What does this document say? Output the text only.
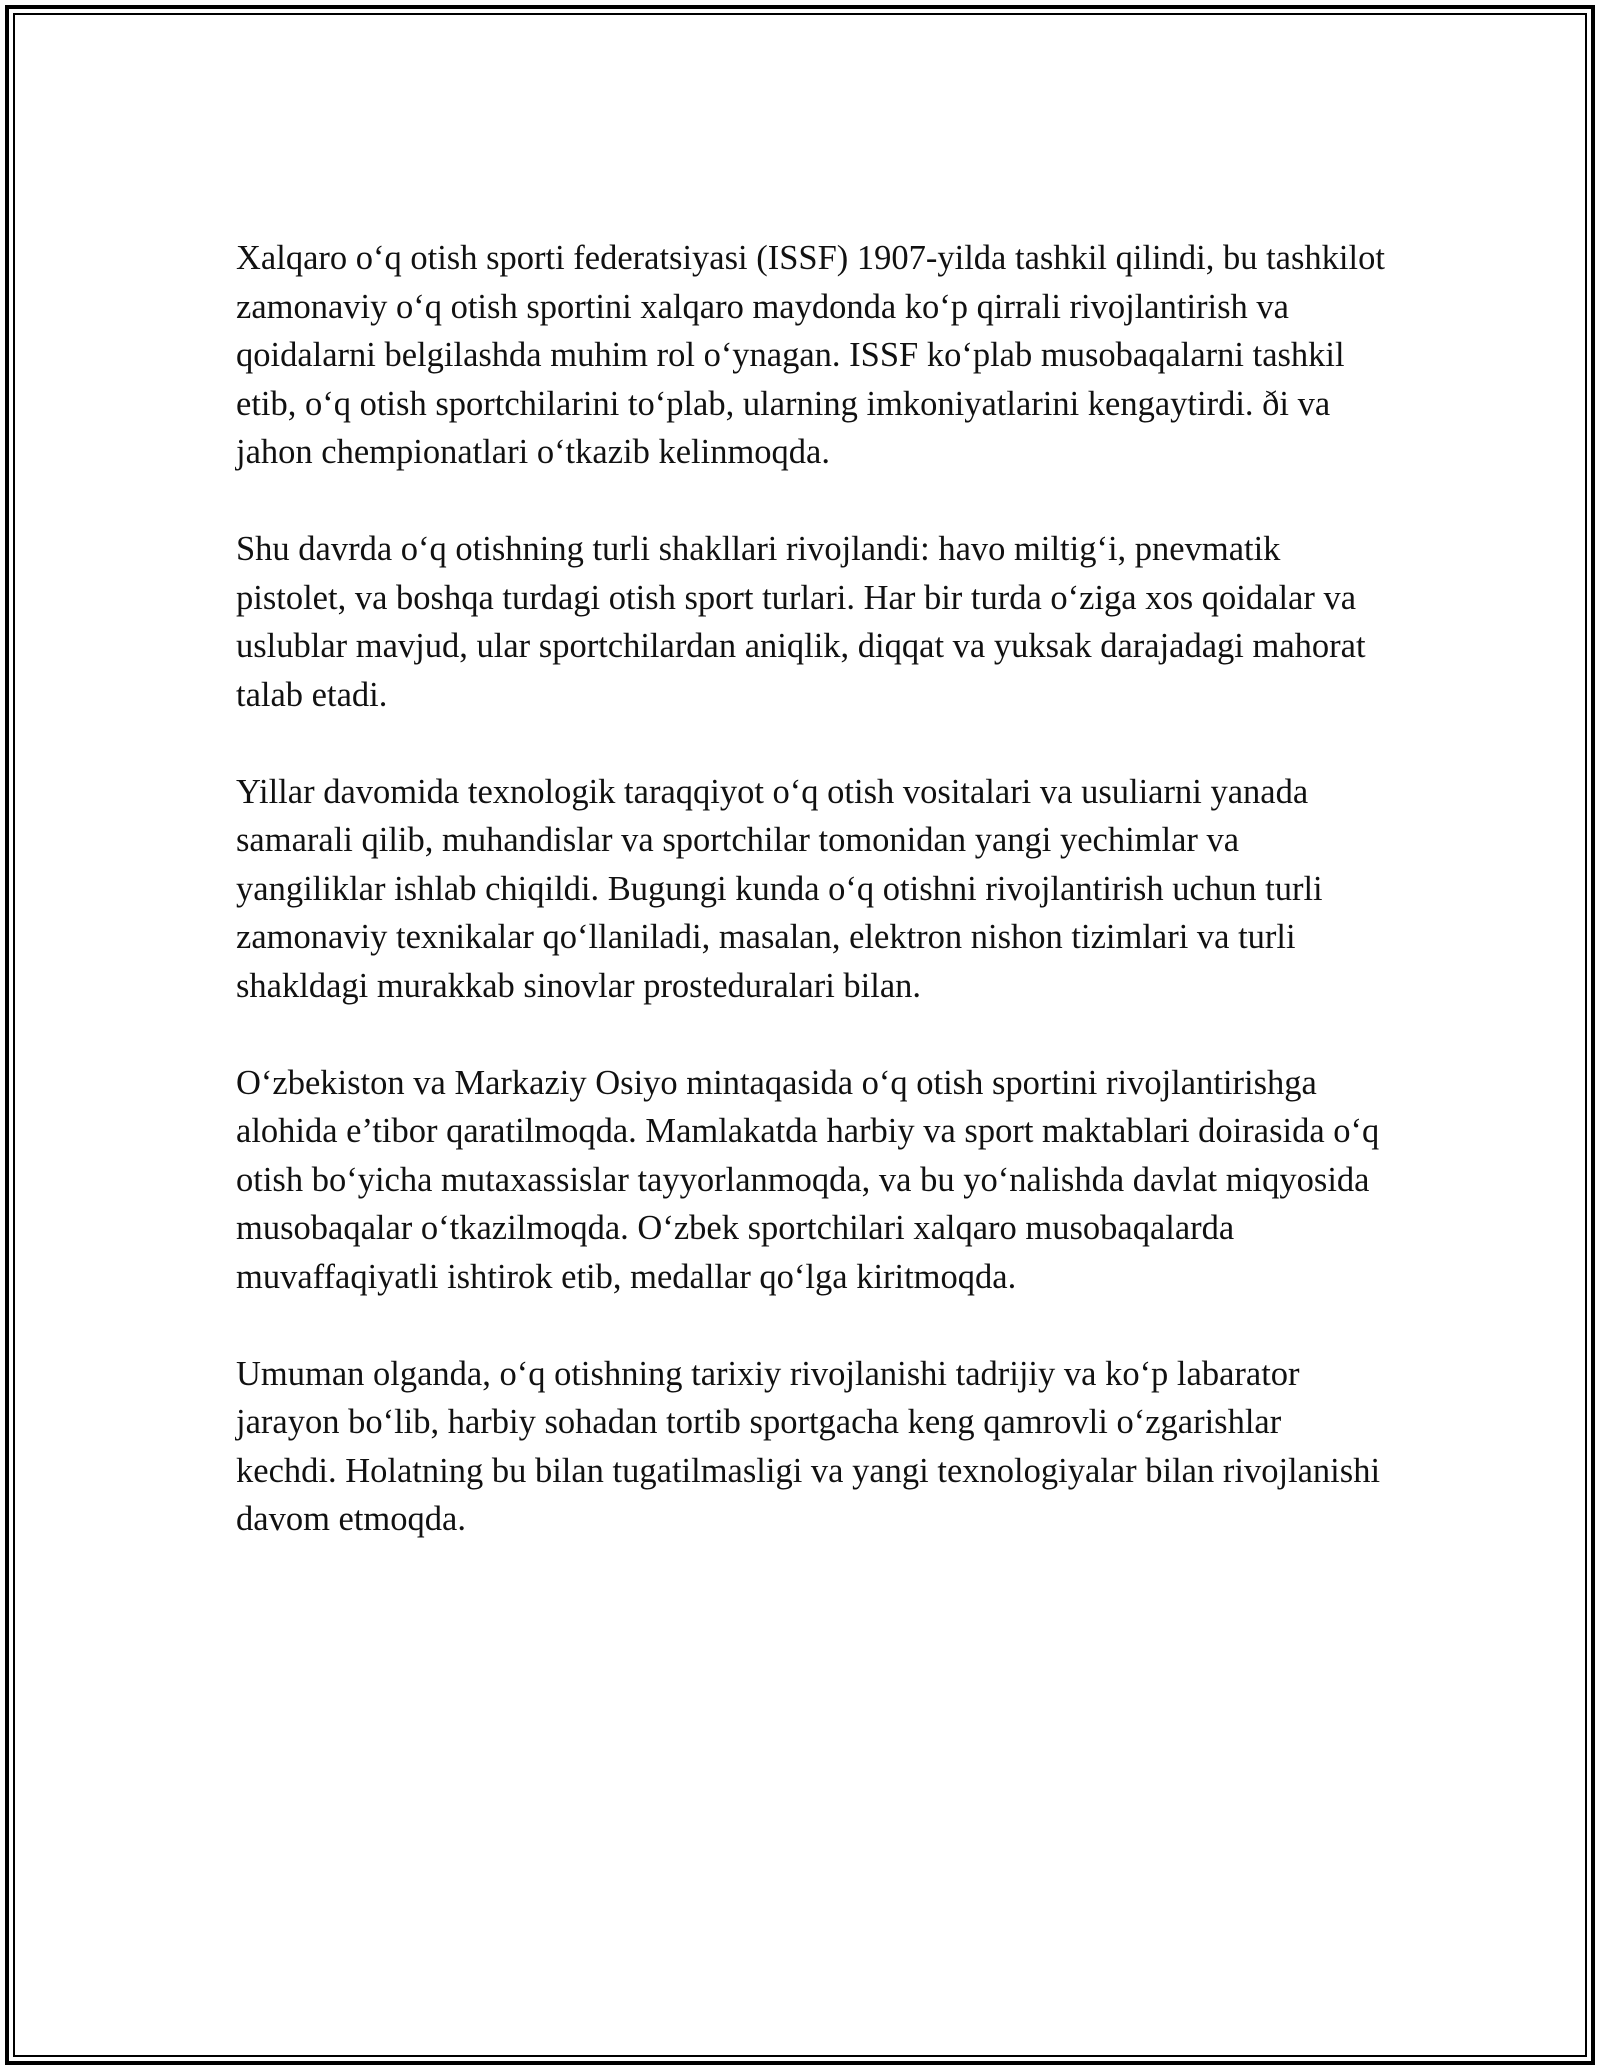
Xalqaro o‘q otish sporti federatsiyasi (ISSF) 1907-yilda tashkil qilindi, bu tashkilot zamonaviy o‘q otish sportini xalqaro maydonda ko‘p qirrali rivojlantirish va qoidalarni belgilashda muhim rol o‘ynagan. ISSF ko‘plab musobaqalarni tashkil etib, o‘q otish sportchilarini to‘plab, ularning imkoniyatlarini kengaytirdi. ði va jahon chempionatlari o‘tkazib kelinmoqda.

Shu davrda o‘q otishning turli shakllari rivojlandi: havo miltig‘i, pnevmatik pistolet, va boshqa turdagi otish sport turlari. Har bir turda o‘ziga xos qoidalar va uslublar mavjud, ular sportchilardan aniqlik, diqqat va yuksak darajadagi mahorat talab etadi.

Yillar davomida texnologik taraqqiyot o‘q otish vositalari va usuliarni yanada samarali qilib, muhandislar va sportchilar tomonidan yangi yechimlar va yangiliklar ishlab chiqildi. Bugungi kunda o‘q otishni rivojlantirish uchun turli zamonaviy texnikalar qo‘llaniladi, masalan, elektron nishon tizimlari va turli shakldagi murakkab sinovlar prosteduralari bilan.

O‘zbekiston va Markaziy Osiyo mintaqasida o‘q otish sportini rivojlantirishga alohida e’tibor qaratilmoqda. Mamlakatda harbiy va sport maktablari doirasida o‘q otish bo‘yicha mutaxassislar tayyorlanmoqda, va bu yo‘nalishda davlat miqyosida musobaqalar o‘tkazilmoqda. O‘zbek sportchilari xalqaro musobaqalarda muvaffaqiyatli ishtirok etib, medallar qo‘lga kiritmoqda.

Umuman olganda, o‘q otishning tarixiy rivojlanishi tadrijiy va ko‘p labarator jarayon bo‘lib, harbiy sohadan tortib sportgacha keng qamrovli o‘zgarishlar kechdi. Holatning bu bilan tugatilmasligi va yangi texnologiyalar bilan rivojlanishi davom etmoqda.
